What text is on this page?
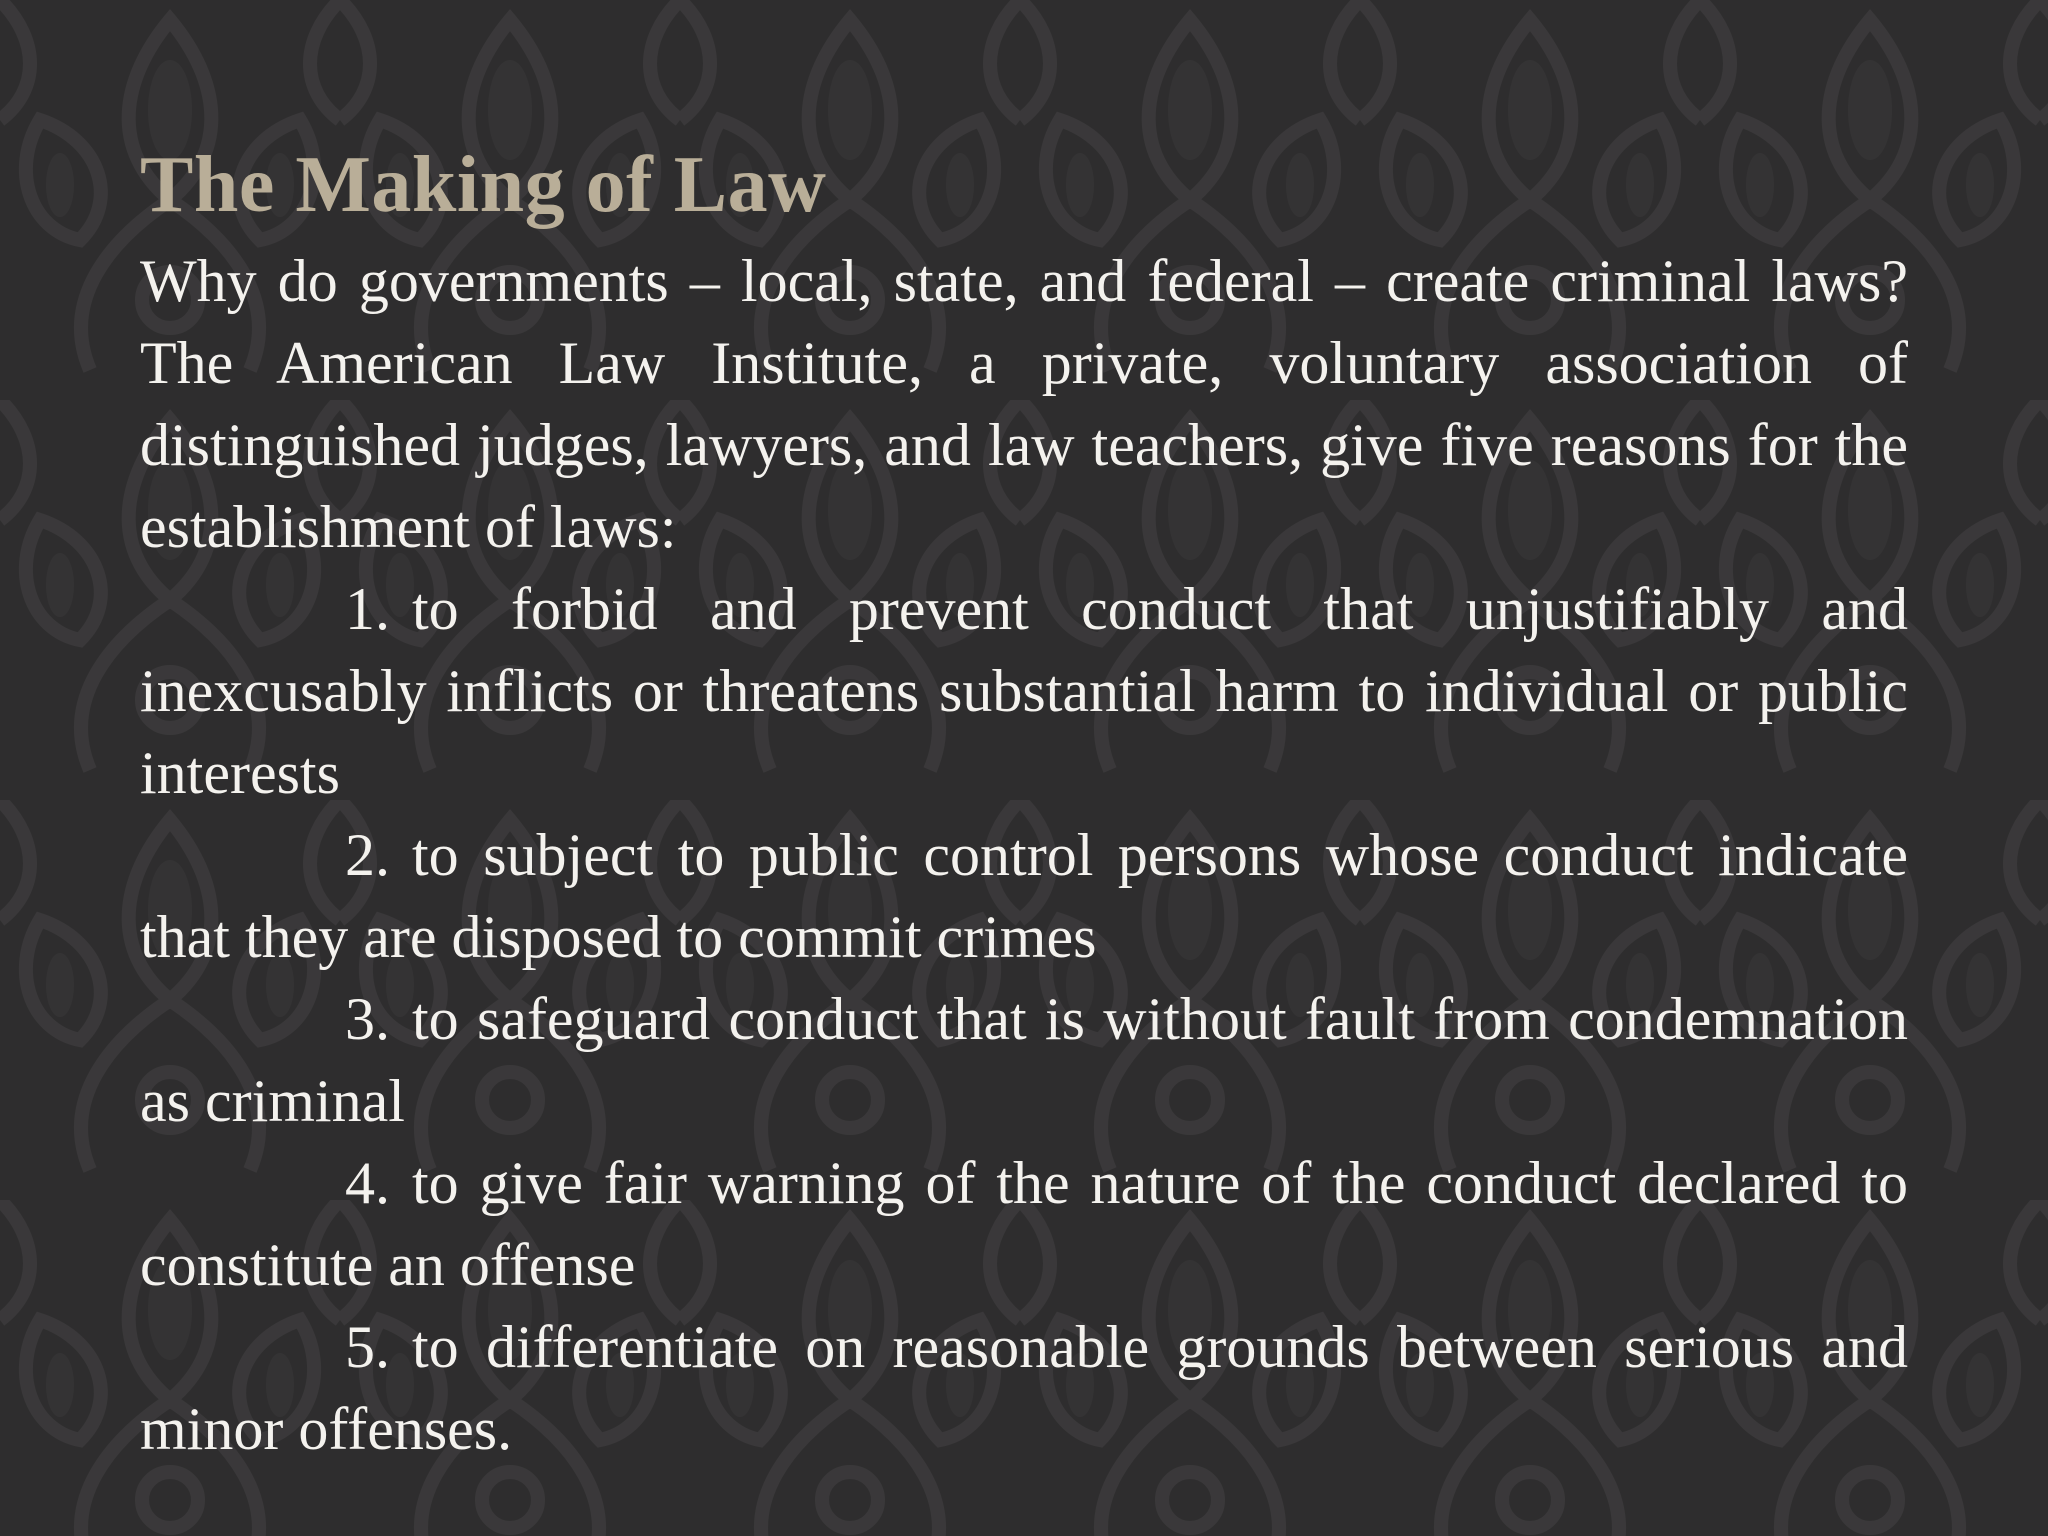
The Making of Law

Why do governments – local, state, and federal – create criminal laws? The American Law Institute, a private, voluntary association of distinguished judges, lawyers, and law teachers, give five reasons for the establishment of laws:

1. to forbid and prevent conduct that unjustifiably and inexcusably inflicts or threatens substantial harm to individual or public interests

2. to subject to public control persons whose conduct indicate that they are disposed to commit crimes

3. to safeguard conduct that is without fault from condemnation as criminal

4. to give fair warning of the nature of the conduct declared to constitute an offense

5. to differentiate on reasonable grounds between serious and minor offenses.
